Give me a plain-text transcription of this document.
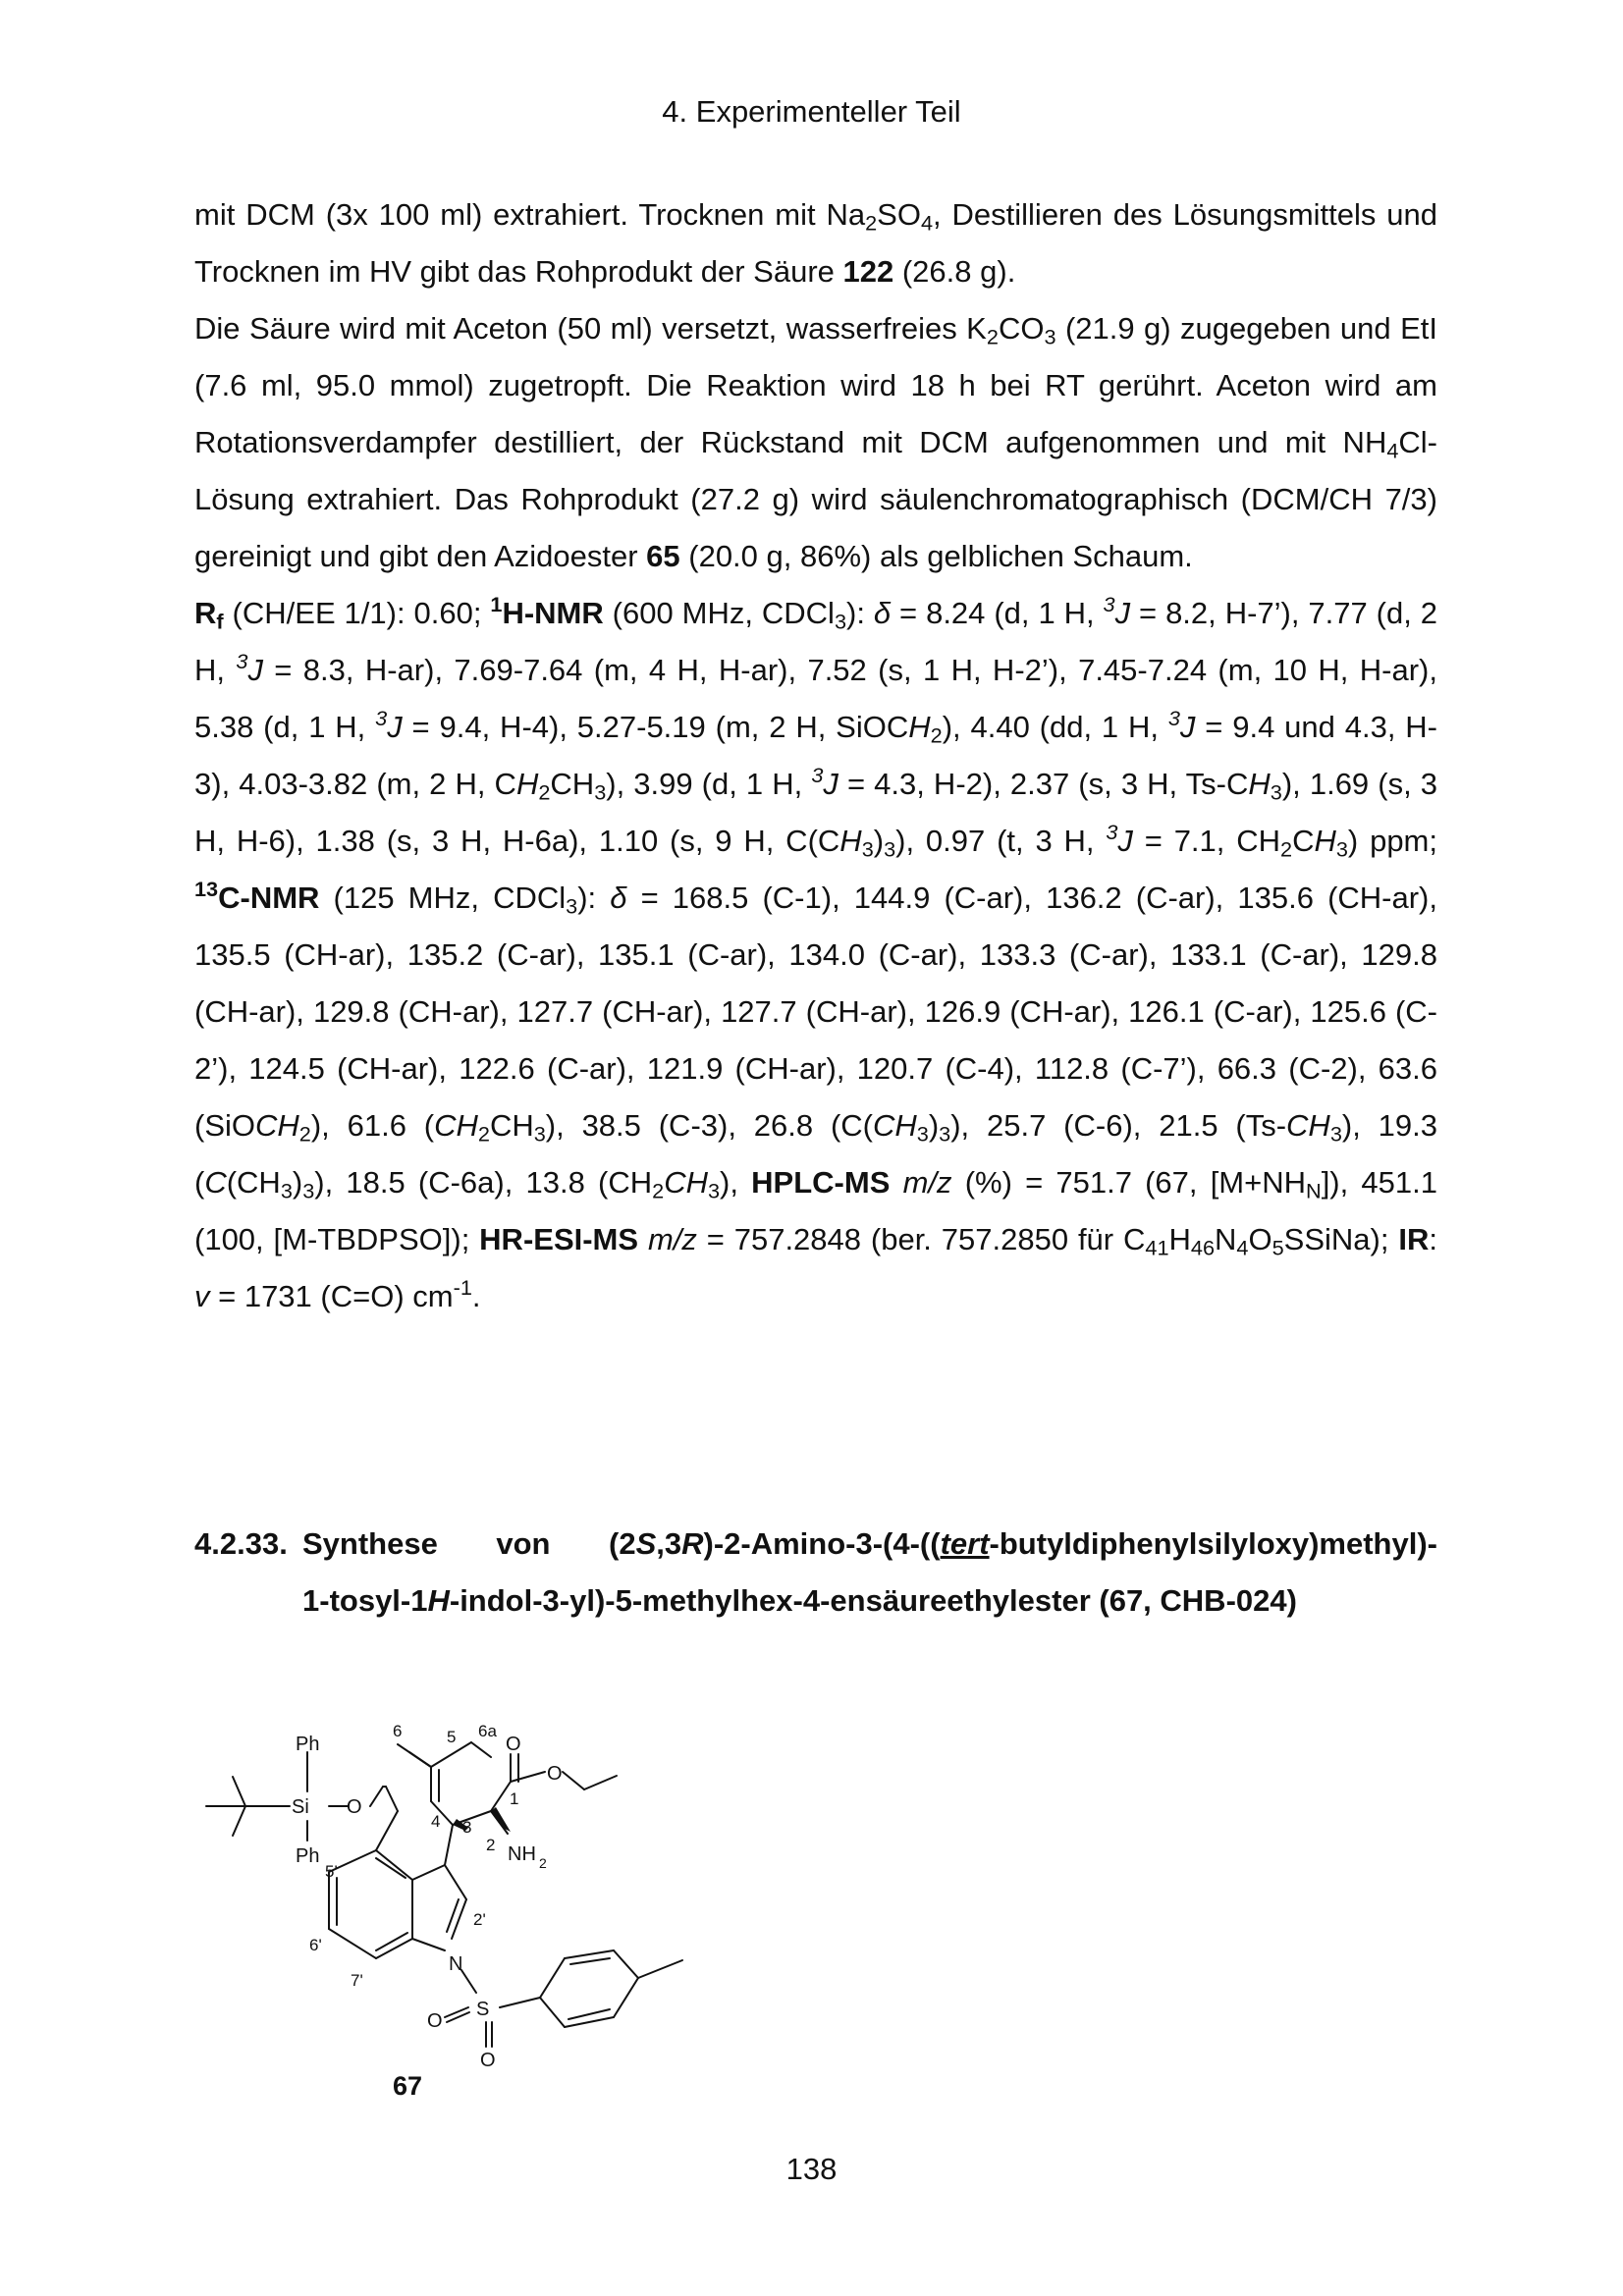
4. Experimenteller Teil

mit DCM (3x 100 ml) extrahiert. Trocknen mit $Na_2SO_4$, Destillieren des Lösungsmittels und Trocknen im HV gibt das Rohprodukt der Säure 122 (26.8 g).

Die Säure wird mit Aceton (50 ml) versetzt, wasserfreies $K_2CO_3$ (21.9 g) zugegeben und EtI (7.6 ml, 95.0 mmol) zugetropft. Die Reaktion wird 18 h bei RT gerührt. Aceton wird am Rotationsverdampfer destilliert, der Rückstand mit DCM aufgenommen und mit $NH_4Cl$-Lösung extrahiert. Das Rohprodukt (27.2 g) wird säulenchromatographisch (DCM/CH 7/3) gereinigt und gibt den Azidoester 65 (20.0 g, 86%) als gelblichen Schaum.

$R_f$ (CH/EE 1/1): 0.60; $^1$H-NMR (600 MHz, CDCl$_3$): δ = 8.24 (d, 1 H, $^3$J = 8.2, H-7’), 7.77 (d, 2 H, $^3$J = 8.3, H-ar), 7.69-7.64 (m, 4 H, H-ar), 7.52 (s, 1 H, H-2’), 7.45-7.24 (m, 10 H, H-ar), 5.38 (d, 1 H, $^3$J = 9.4, H-4), 5.27-5.19 (m, 2 H, SiOCH$_2$), 4.40 (dd, 1 H, $^3$J = 9.4 und 4.3, H-3), 4.03-3.82 (m, 2 H, $CH_2CH_3$), 3.99 (d, 1 H, $^3$J = 4.3, H-2), 2.37 (s, 3 H, $Ts-CH_3$), 1.69 (s, 3 H, H-6), 1.38 (s, 3 H, H-6a), 1.10 (s, 9 H, $C(CH_3)_3$), 0.97 (t, 3 H, $^3$J = 7.1, $CH_2CH_3$) ppm; $^{13}$C-NMR (125 MHz, CDCl$_3$): δ = 168.5 (C-1), 144.9 (C-ar), 136.2 (C-ar), 135.6 (CH-ar), 135.5 (CH-ar), 135.2 (C-ar), 135.1 (C-ar), 134.0 (C-ar), 133.3 (C-ar), 133.1 (C-ar), 129.8 (CH-ar), 129.8 (CH-ar), 127.7 (CH-ar), 127.7 (CH-ar), 126.9 (CH-ar), 126.1 (C-ar), 125.6 (C-2’), 124.5 (CH-ar), 122.6 (C-ar), 121.9 (CH-ar), 120.7 (C-4), 112.8 (C-7’), 66.3 (C-2), 63.6 (SiOCH$_2$), 61.6 $(CH_2CH_3)$, 38.5 (C-3), 26.8 $(C(CH_3)_3)$, 25.7 (C-6), 21.5 $(Ts-CH_3)$, 19.3 $(C(CH_3)_3)$, 18.5 (C-6a), 13.8 $(CH_2CH_3)$, HPLC-MS m/z (%) = 751.7 (67, $[M+NH_N]$), 451.1 (100, [M-TBDPSO]); HR-ESI-MS m/z = 757.2848 (ber. 757.2850 für $C_{41}H_{46}N_4O_5SSiNa$); IR: v = 1731 (C=O) $cm^{-1}$.

4.2.33. Synthese von (2S,3R)-2-Amino-3-(4-((tert-butyldiphenylsilyloxy)methyl)-
1-tosyl-1H-indol-3-yl)-5-methylhex-4-ensäureethylester (67, CHB-024)
Ph
Si O
Ph
6	5 6a
4 3
2
1
O
O
NH 2
5'
6'
7'
2'
N
S
O
O
67
138
